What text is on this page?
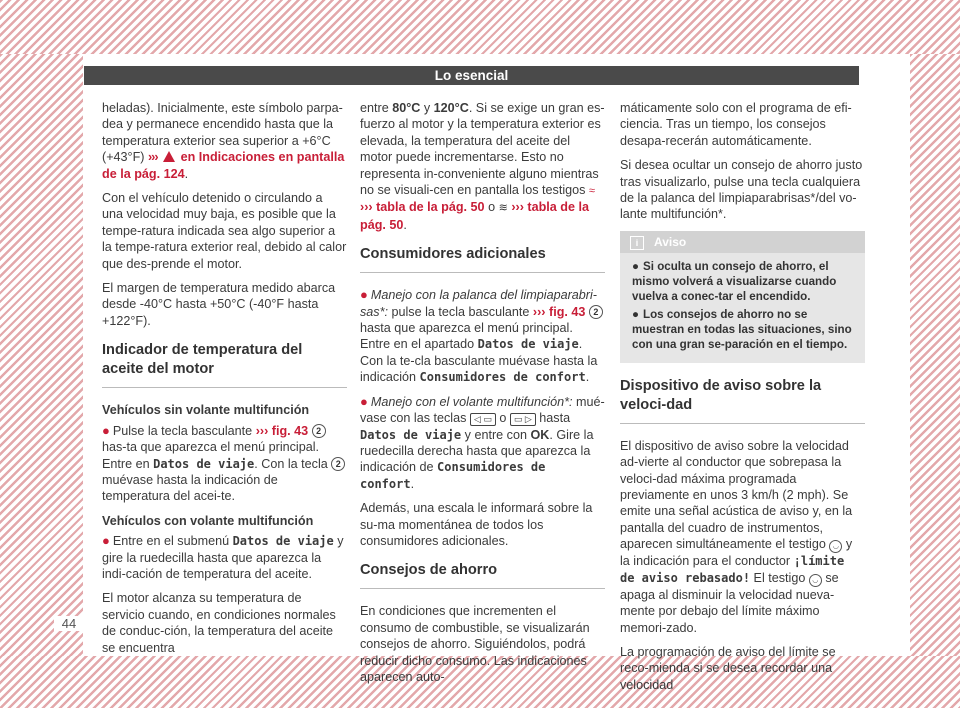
Lo esencial
44

heladas). Inicialmente, este símbolo parpa-dea y permanece encendido hasta que la temperatura exterior sea superior a +6°C (+43°F) ›››  en Indicaciones en pantalla de la pág. 124.

Con el vehículo detenido o circulando a una velocidad muy baja, es posible que la tempe-ratura indicada sea algo superior a la tempe-ratura exterior real, debido al calor que des-prende el motor.

El margen de temperatura medido abarca desde -40°C hasta +50°C (-40°F hasta +122°F).

Indicador de temperatura del aceite del motor
Vehículos sin volante multifunción

● Pulse la tecla basculante ››› fig. 43 2 has-ta que aparezca el menú principal. Entre en Datos de viaje. Con la tecla 2 muévase hasta la indicación de temperatura del acei-te.

Vehículos con volante multifunción

● Entre en el submenú Datos de viaje y gire la ruedecilla hasta que aparezca la indi-cación de temperatura del aceite.

El motor alcanza su temperatura de servicio cuando, en condiciones normales de conduc-ción, la temperatura del aceite se encuentra

entre 80°C y 120°C. Si se exige un gran es-fuerzo al motor y la temperatura exterior es elevada, la temperatura del aceite del motor puede incrementarse. Esto no representa in-conveniente alguno mientras no se visuali-cen en pantalla los testigos ≈ ››› tabla de la pág. 50 o ≋ ››› tabla de la pág. 50.

Consumidores adicionales

● Manejo con la palanca del limpiaparabri-sas*: pulse la tecla basculante ››› fig. 43 2 hasta que aparezca el menú principal. Entre en el apartado Datos de viaje. Con la te-cla basculante muévase hasta la indicación Consumidores de confort.

● Manejo con el volante multifunción*: mué-vase con las teclas ◁ ▭ o ▭ ▷ hasta Datos de viaje y entre con OK. Gire la ruedecilla derecha hasta que aparezca la indicación de Consumidores de confort.

Además, una escala le informará sobre la su-ma momentánea de todos los consumidores adicionales.

Consejos de ahorro

En condiciones que incrementen el consumo de combustible, se visualizarán consejos de ahorro. Siguiéndolos, podrá reducir dicho consumo. Las indicaciones aparecen auto-

máticamente solo con el programa de efi-ciencia. Tras un tiempo, los consejos desapa-recerán automáticamente.

Si desea ocultar un consejo de ahorro justo tras visualizarlo, pulse una tecla cualquiera de la palanca del limpiaparabrisas*/del vo-lante multifunción*.

i Aviso

● Si oculta un consejo de ahorro, el mismo volverá a visualizarse cuando vuelva a conec-tar el encendido.

● Los consejos de ahorro no se muestran en todas las situaciones, sino con una gran se-paración en el tiempo.

Dispositivo de aviso sobre la veloci-dad

El dispositivo de aviso sobre la velocidad ad-vierte al conductor que sobrepasa la veloci-dad máxima programada previamente en unos 3 km/h (2 mph). Se emite una señal acústica de aviso y, en la pantalla del cuadro de instrumentos, aparecen simultáneamente el testigo ◡ y la indicación para el conductor ¡límite de aviso rebasado! El testigo ◡ se apaga al disminuir la velocidad nueva-mente por debajo del límite máximo memori-zado.

La programación de aviso del límite se reco-mienda si se desea recordar una velocidad
